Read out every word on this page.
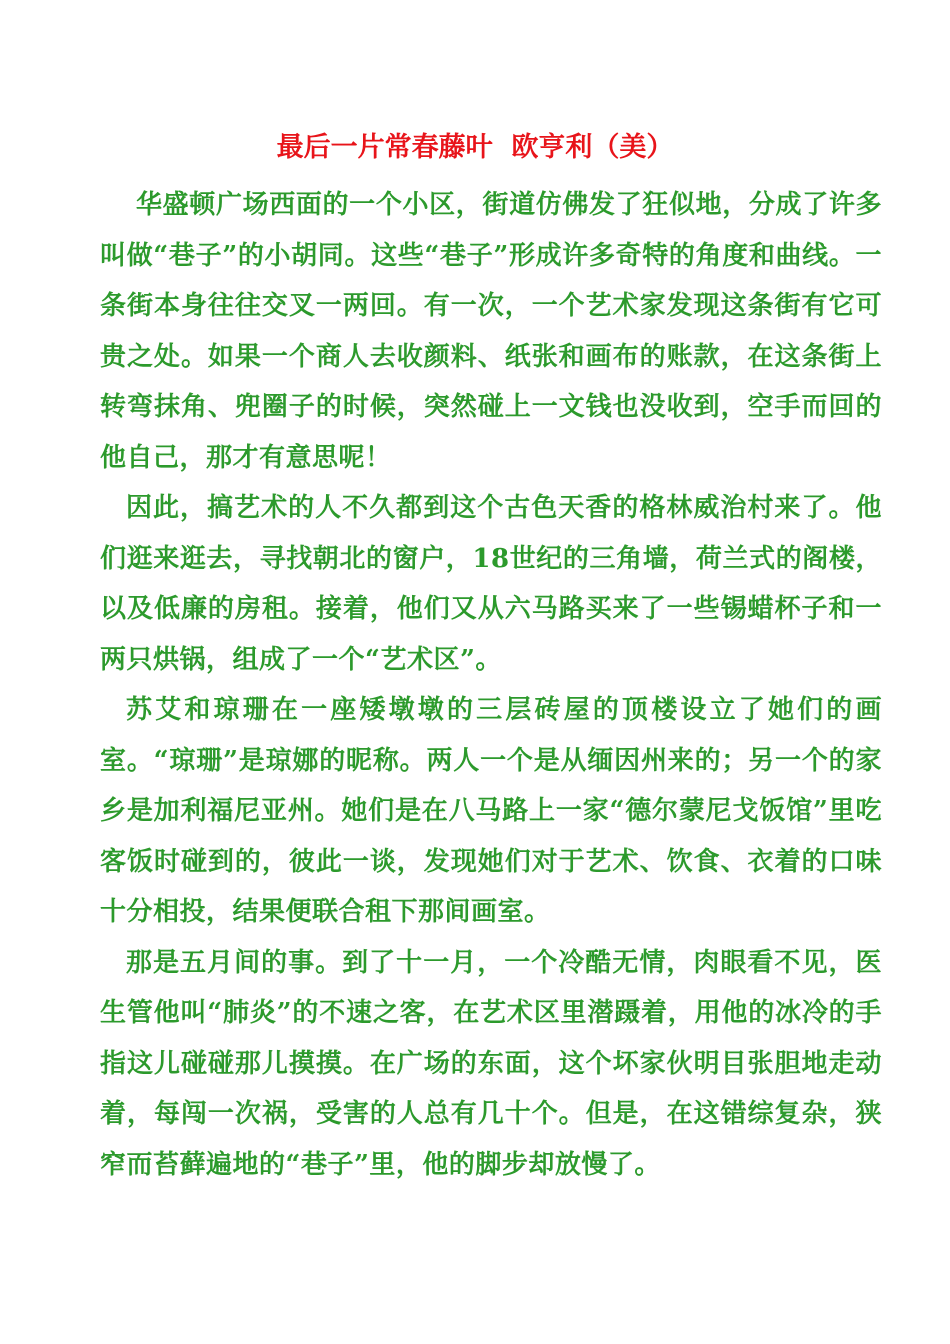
最后一片常春藤叶  欧亨利（美）

华盛顿广场西面的一个小区，街道仿佛发了狂似地，分成了许多叫做“巷子”的小胡同。这些“巷子”形成许多奇特的角度和曲线。一条街本身往往交叉一两回。有一次，一个艺术家发现这条街有它可贵之处。如果一个商人去收颜料、纸张和画布的账款，在这条街上转弯抹角、兜圈子的时候，突然碰上一文钱也没收到，空手而回的他自己，那才有意思呢！

因此，搞艺术的人不久都到这个古色天香的格林威治村来了。他们逛来逛去，寻找朝北的窗户，18世纪的三角墙，荷兰式的阁楼，以及低廉的房租。接着，他们又从六马路买来了一些锡蜡杯子和一两只烘锅，组成了一个“艺术区”。

苏艾和琼珊在一座矮墩墩的三层砖屋的顶楼设立了她们的画室。“琼珊”是琼娜的昵称。两人一个是从缅因州来的；另一个的家乡是加利福尼亚州。她们是在八马路上一家“德尔蒙尼戈饭馆”里吃客饭时碰到的，彼此一谈，发现她们对于艺术、饮食、衣着的口味十分相投，结果便联合租下那间画室。

那是五月间的事。到了十一月，一个冷酷无情，肉眼看不见，医生管他叫“肺炎”的不速之客，在艺术区里潜蹑着，用他的冰冷的手指这儿碰碰那儿摸摸。在广场的东面，这个坏家伙明目张胆地走动着，每闯一次祸，受害的人总有几十个。但是，在这错综复杂，狭窄而苔藓遍地的“巷子”里，他的脚步却放慢了。
